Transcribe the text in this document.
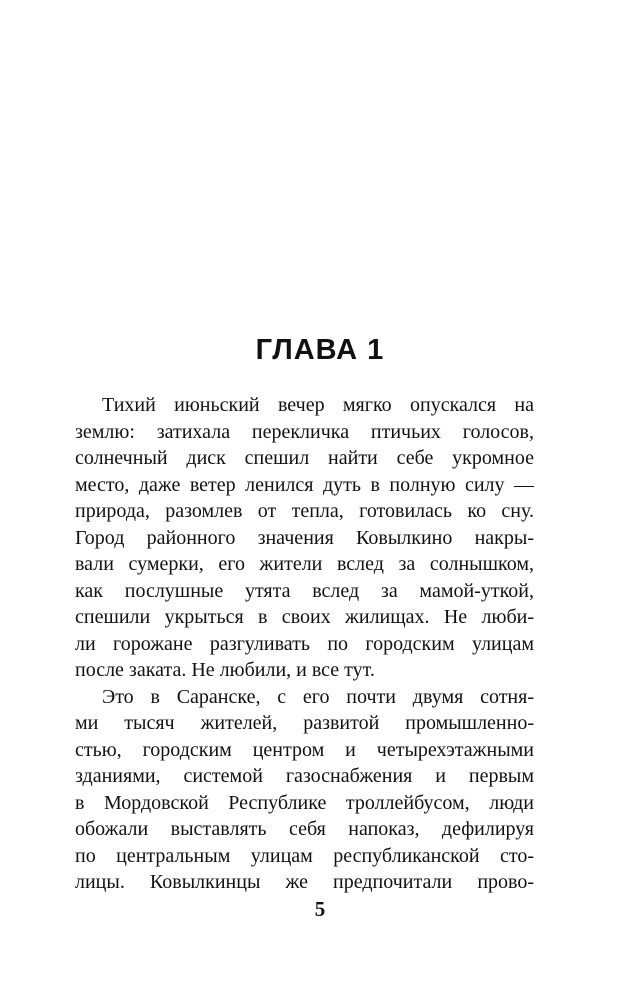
ГЛАВА 1
Тихий июньский вечер мягко опускался на
землю: затихала перекличка птичьих голосов,
солнечный диск спешил найти себе укромное
место, даже ветер ленился дуть в полную силу —
природа, разомлев от тепла, готовилась ко сну.
Город районного значения Ковылкино накры-
вали сумерки, его жители вслед за солнышком,
как послушные утята вслед за мамой-уткой,
спешили укрыться в своих жилищах. Не люби-
ли горожане разгуливать по городским улицам
после заката. Не любили, и все тут.
Это в Саранске, с его почти двумя сотня-
ми тысяч жителей, развитой промышленно-
стью, городским центром и четырехэтажными
зданиями, системой газоснабжения и первым
в Мордовской Республике троллейбусом, люди
обожали выставлять себя напоказ, дефилируя
по центральным улицам республиканской сто-
лицы. Ковылкинцы же предпочитали прово-
5
